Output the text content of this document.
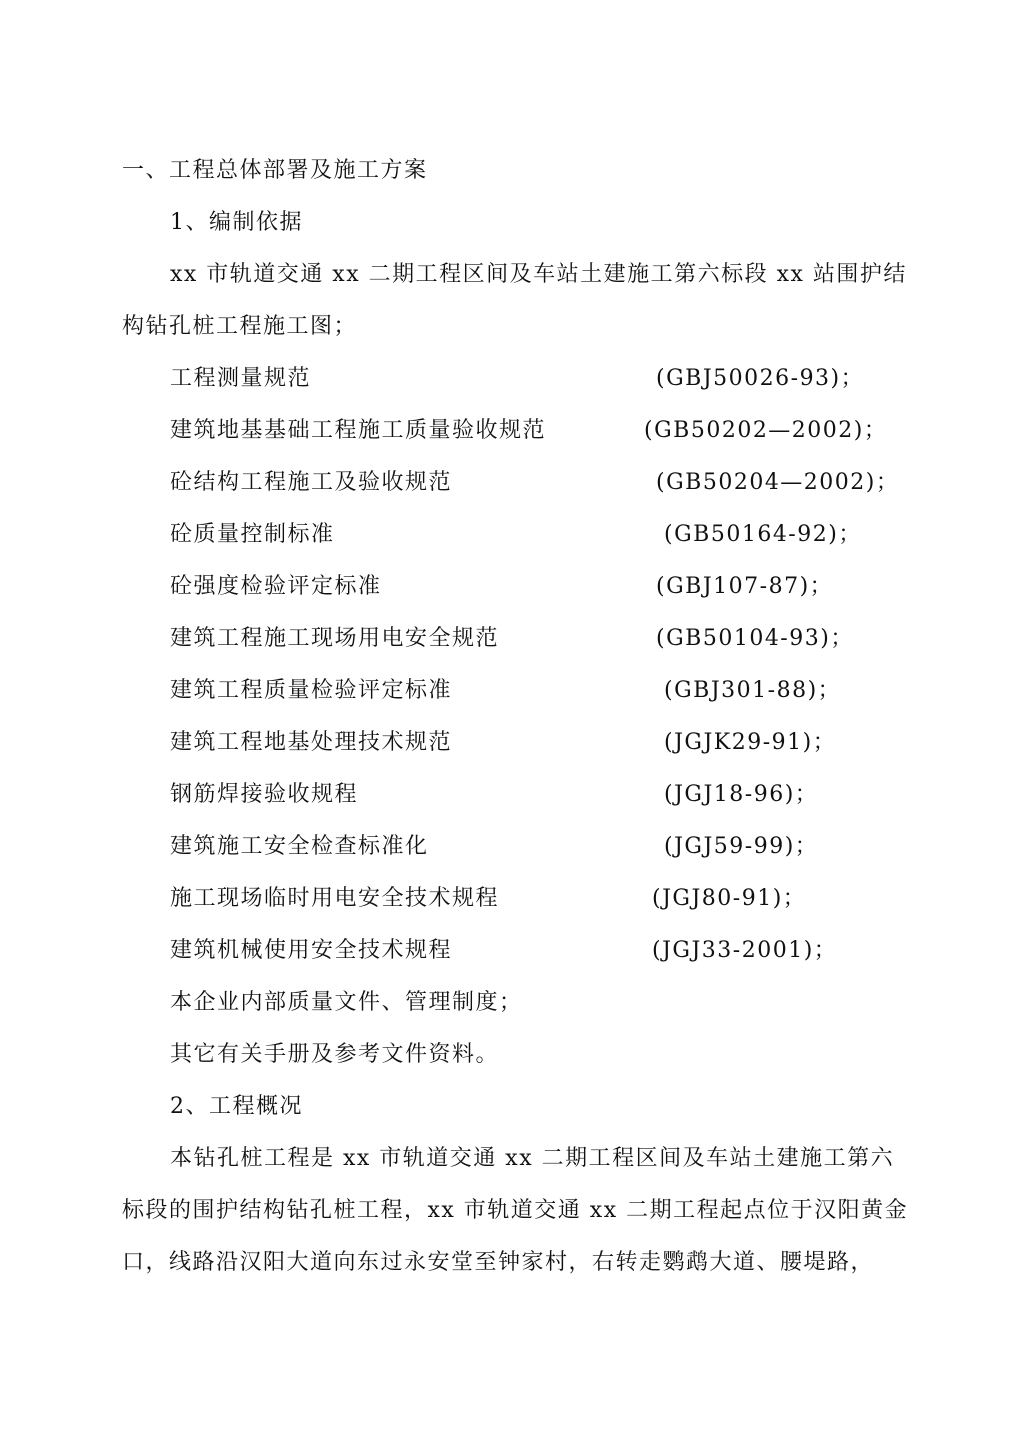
一、工程总体部署及施工方案
1、编制依据
xx 市轨道交通 xx 二期工程区间及车站土建施工第六标段 xx 站围护结
构钻孔桩工程施工图；
工程测量规范	(GBJ50026-93)；
建筑地基基础工程施工质量验收规范	(GB50202—2002)；
砼结构工程施工及验收规范	(GB50204—2002)；
砼质量控制标准	(GB50164-92)；
砼强度检验评定标准	(GBJ107-87)；
建筑工程施工现场用电安全规范	(GB50104-93)；
建筑工程质量检验评定标准	(GBJ301-88)；
建筑工程地基处理技术规范	(JGJK29-91)；
钢筋焊接验收规程	(JGJ18-96)；
建筑施工安全检查标准化	(JGJ59-99)；
施工现场临时用电安全技术规程	(JGJ80-91)；
建筑机械使用安全技术规程	(JGJ33-2001)；
本企业内部质量文件、管理制度；
其它有关手册及参考文件资料。
2、工程概况
本钻孔桩工程是 xx 市轨道交通 xx 二期工程区间及车站土建施工第六
标段的围护结构钻孔桩工程，xx 市轨道交通 xx 二期工程起点位于汉阳黄金
口，线路沿汉阳大道向东过永安堂至钟家村，右转走鹦鹉大道、腰堤路，
